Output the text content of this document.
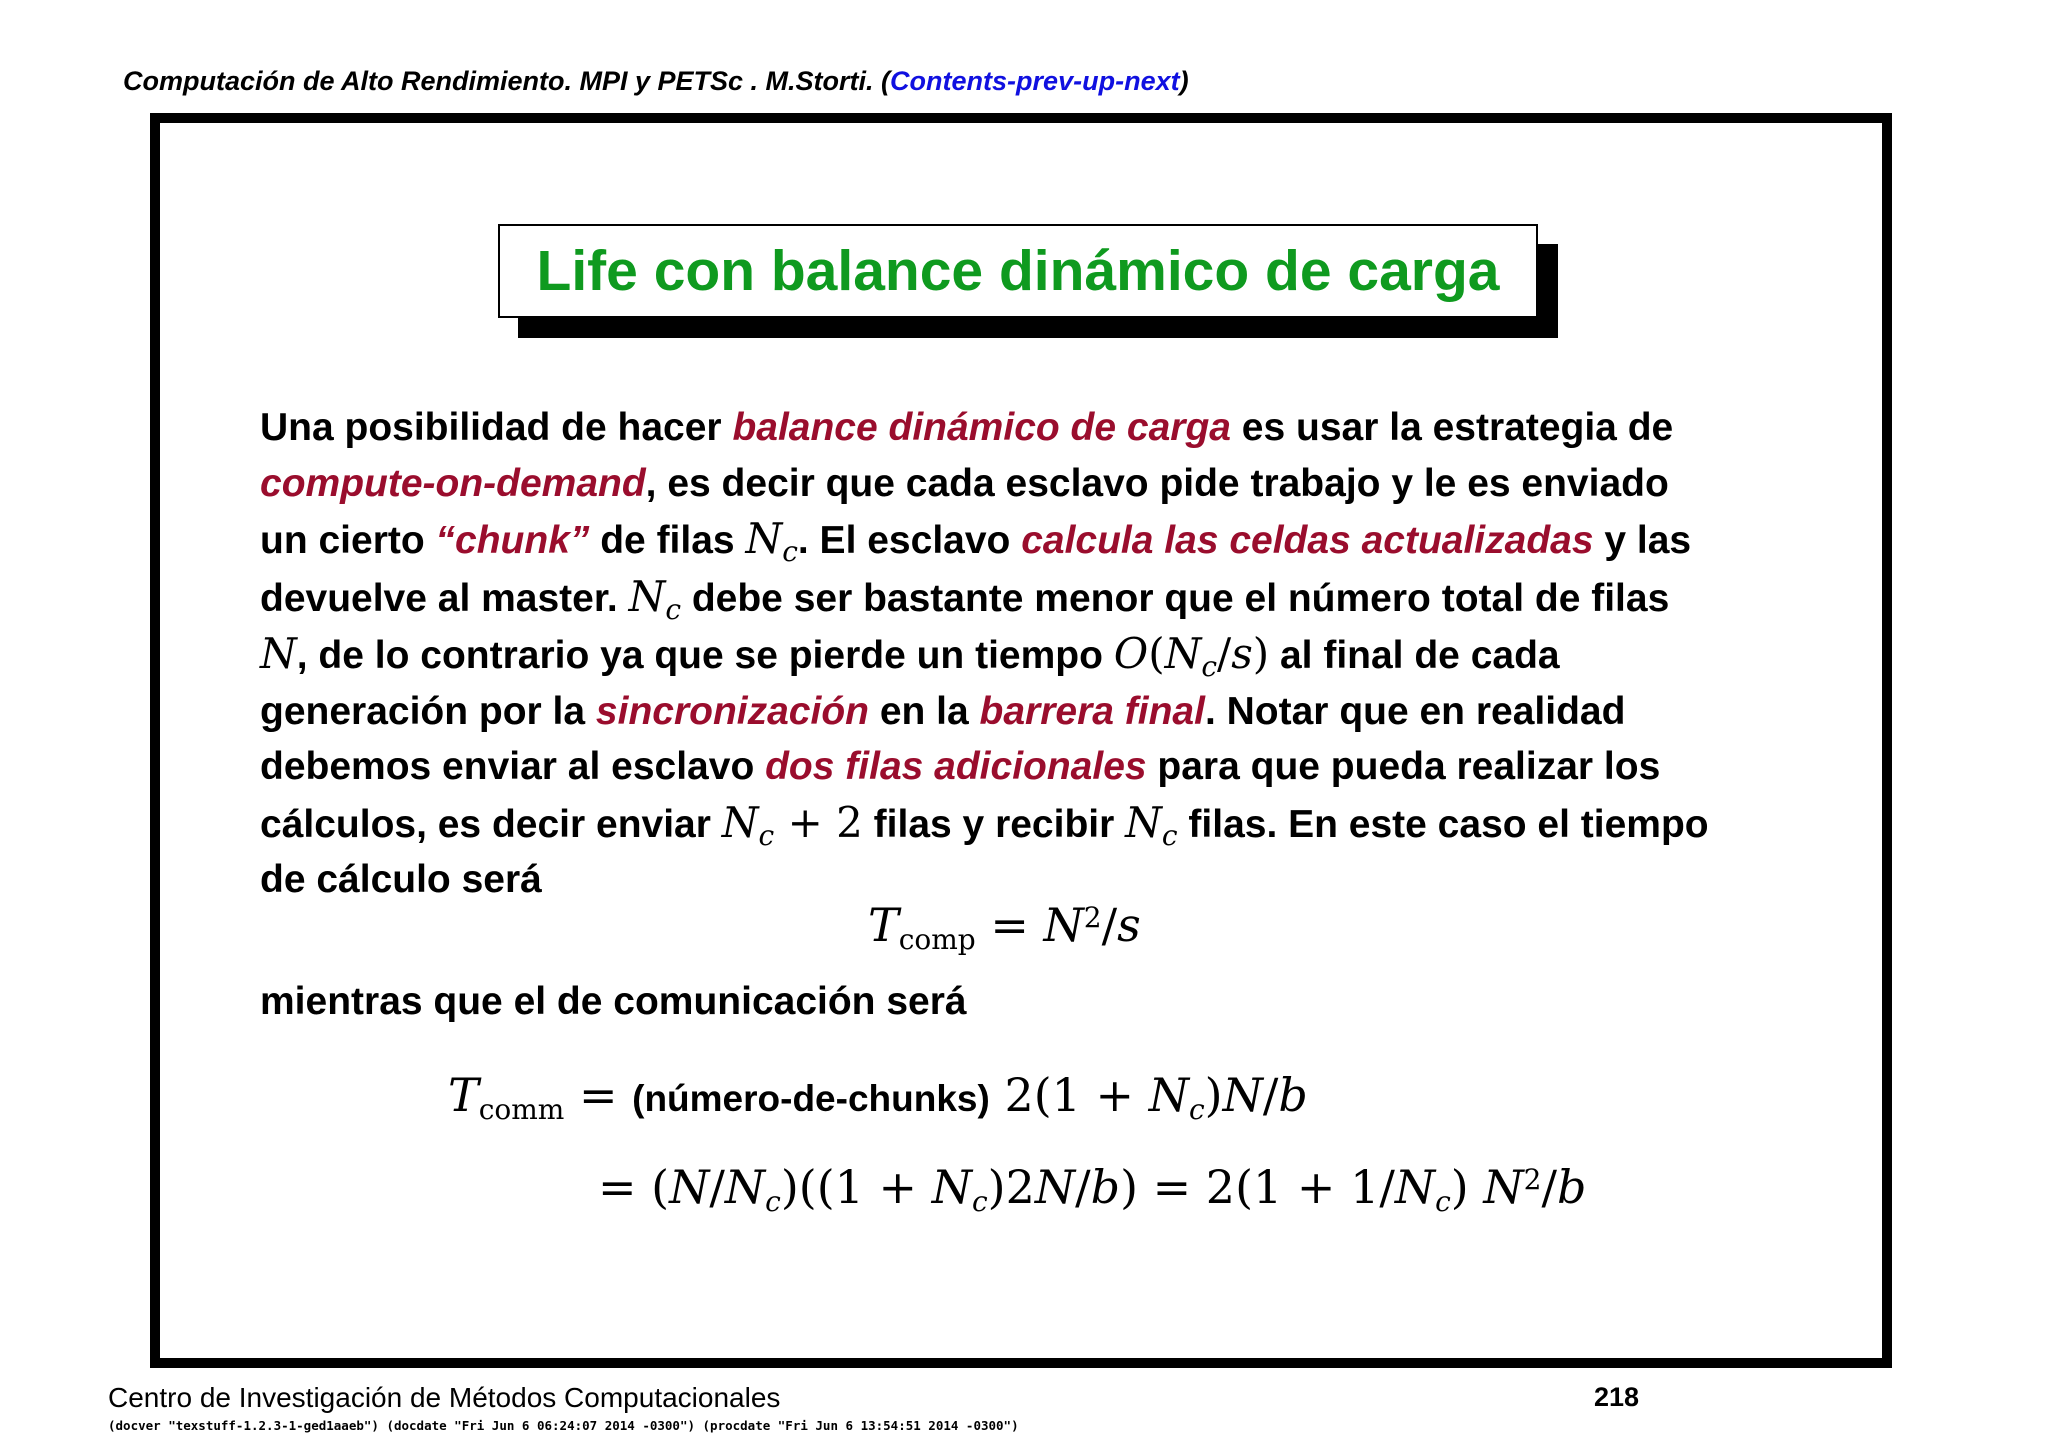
Computación de Alto Rendimiento. MPI y PETSc . M.Storti. (Contents-prev-up-next)
Life con balance dinámico de carga
Una posibilidad de hacer balance dinámico de carga es usar la estrategia de
compute-on-demand, es decir que cada esclavo pide trabajo y le es enviado
un cierto “chunk” de filas $N_c$. El esclavo calcula las celdas actualizadas y las
devuelve al master. $N_c$ debe ser bastante menor que el número total de filas
N, de lo contrario ya que se pierde un tiempo $O(N_c/s)$ al final de cada
generación por la sincronización en la barrera final. Notar que en realidad
debemos enviar al esclavo dos filas adicionales para que pueda realizar los
cálculos, es decir enviar $N_c + 2$ filas y recibir $N_c$ filas. En este caso el tiempo
de cálculo será
$T_{comp} = N^2/s$
mientras que el de comunicación será
$T_{comm}$ = (número-de-chunks) $2(1 + N_c)N/b$
= $(N/N_c)((1 + N_c)2N/b) = 2(1 + 1/N_c)$ $N^2/b$
Centro de Investigación de Métodos Computacionales	218
(docver "texstuff-1.2.3-1-ged1aaeb") (docdate "Fri Jun 6 06:24:07 2014 -0300") (procdate "Fri Jun 6 13:54:51 2014 -0300")
